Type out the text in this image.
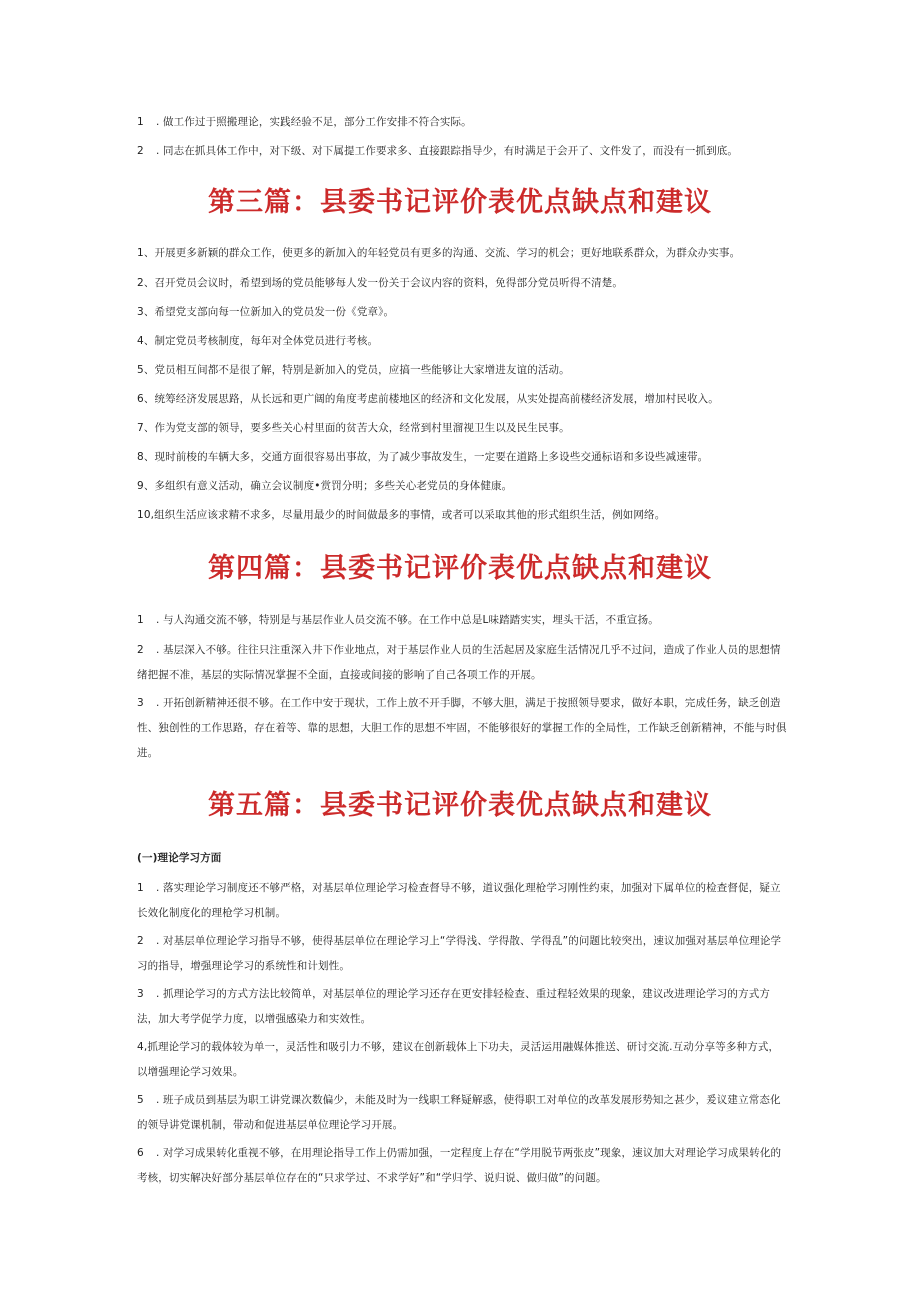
1 . 做工作过于照搬理论，实践经验不足，部分工作安排不符合实际。

2 . 同志在抓具体工作中，对下级、对下属提工作要求多、直接跟踪指导少，有时满足于会开了、文件发了，而没有一抓到底。

第三篇：县委书记评价表优点缺点和建议

1、开展更多新颖的群众工作，使更多的新加入的年轻党员有更多的沟通、交流、学习的机会；更好地联系群众，为群众办实事。

2、召开党员会议时，希望到场的党员能够每人发一份关于会议内容的资料，免得部分党员听得不清楚。

3、希望党支部向每一位新加入的党员发一份《党章》。

4、制定党员考核制度，每年对全体党员进行考核。

5、党员相互间都不是很了解，特别是新加入的党员，应搞一些能够让大家增进友谊的活动。

6、统筹经济发展思路，从长远和更广阔的角度考虑前楼地区的经济和文化发展，从实处提高前楼经济发展，增加村民收入。

7、作为党支部的领导，要多些关心村里面的贫苦大众，经常到村里溜视卫生以及民生民事。

8、现时前梭的车辆大多，交通方面很容易出事故，为了减少事故发生，一定要在道路上多设些交通标语和多设些减速带。

9、多组织有意义活动，确立会议制度•赏罚分明；多些关心老党员的身体健康。

10,组织生活应该求精不求多，尽量用最少的时间做最多的事情，或者可以采取其他的形式组织生活，例如网络。

第四篇：县委书记评价表优点缺点和建议

1 . 与人沟通交流不够，特别是与基层作业人员交流不够。在工作中总是L味踏踏实实，埋头干活，不重宣扬。

2 . 基层深入不够。往往只注重深入井下作业地点，对于基层作业人员的生活起居及家庭生活情况几乎不过问，造成了作业人员的思想情绪把握不准，基层的实际情况掌握不全面，直接或间接的影响了自己各项工作的开展。

3 . 开拓创新精神还很不够。在工作中安于现状，工作上放不开手脚，不够大胆，满足于按照领导要求，做好本职，完成任务，缺乏创造性、独创性的工作思路，存在着等、靠的思想，大胆工作的思想不牢固，不能够很好的掌握工作的全局性，工作缺乏创新精神，不能与时俱进。

第五篇：县委书记评价表优点缺点和建议

(一)理论学习方面

1 . 落实理论学习制度还不够严格，对基层单位理论学习检查督导不够，道议强化理枪学习刚性约束，加强对下属单位的检查督促，疑立长效化制度化的理枪学习机制。

2 . 对基层单位理论学习指导不够，使得基层单位在理论学习上“学得浅、学得散、学得乱”的问题比较突出，速议加强对基层单位理论学习的指导，增强理论学习的系统性和计划性。

3 . 抓理论学习的方式方法比较简单，对基层单位的理论学习还存在更安排轻检查、重过程轻效果的现象，建议改进理论学习的方式方法，加大考学促学力度，以增强感染力和实效性。

4,抓理论学习的载体较为单一，灵活性和吸引力不够，建议在创新载体上下功夫，灵活运用融媒体推送、研讨交流.互动分享等多种方式，以增强理论学习效果。

5 . 班子成员到基层为职工讲党课次数偏少，未能及时为一线职工释疑解惑，使得职工对单位的改革发展形势知之甚少，爰议建立常态化的领导讲党课机制，带动和促进基层单位理论学习开展。

6 . 对学习成果转化重视不够，在用理论指导工作上仍需加强，一定程度上存在“学用脱节两张皮”现象，速议加大对理论学习成果转化的考核，切实解决好部分基层单位存在的“只求学过、不求学好”和“学归学、说归说、做归做”的问题。
